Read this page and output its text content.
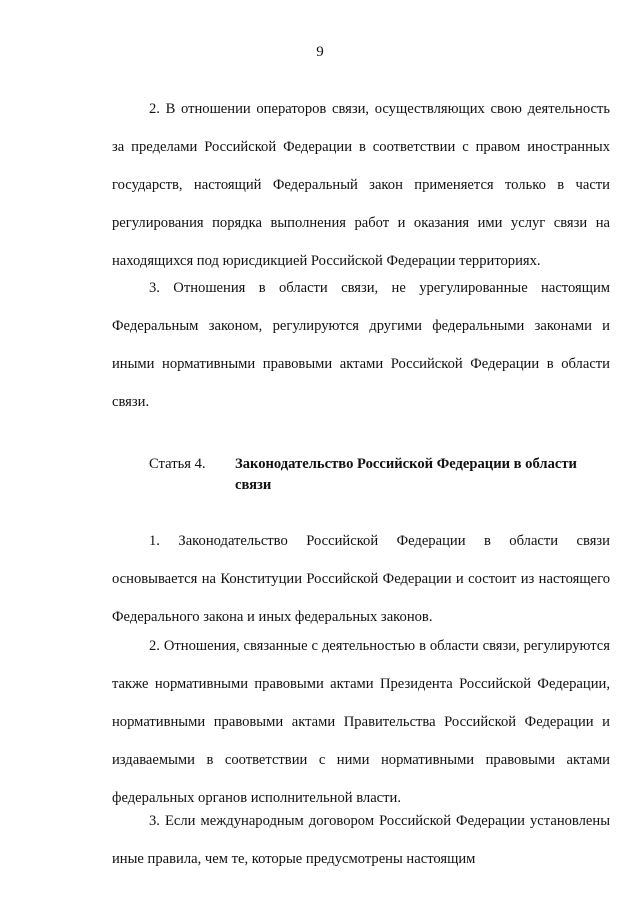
9

2. В отношении операторов связи, осуществляющих свою деятельность за пределами Российской Федерации в соответствии с правом иностранных государств, настоящий Федеральный закон применяется только в части регулирования порядка выполнения работ и оказания ими услуг связи на находящихся под юрисдикцией Российской Федерации территориях.

3. Отношения в области связи, не урегулированные настоящим Федеральным законом, регулируются другими федеральными законами и иными нормативными правовыми актами Российской Федерации в области связи.

Статья 4. Законодательство Российской Федерации в области связи

1. Законодательство Российской Федерации в области связи основывается на Конституции Российской Федерации и состоит из настоящего Федерального закона и иных федеральных законов.

2. Отношения, связанные с деятельностью в области связи, регулируются также нормативными правовыми актами Президента Российской Федерации, нормативными правовыми актами Правительства Российской Федерации и издаваемыми в соответствии с ними нормативными правовыми актами федеральных органов исполнительной власти.

3. Если международным договором Российской Федерации установлены иные правила, чем те, которые предусмотрены настоящим
